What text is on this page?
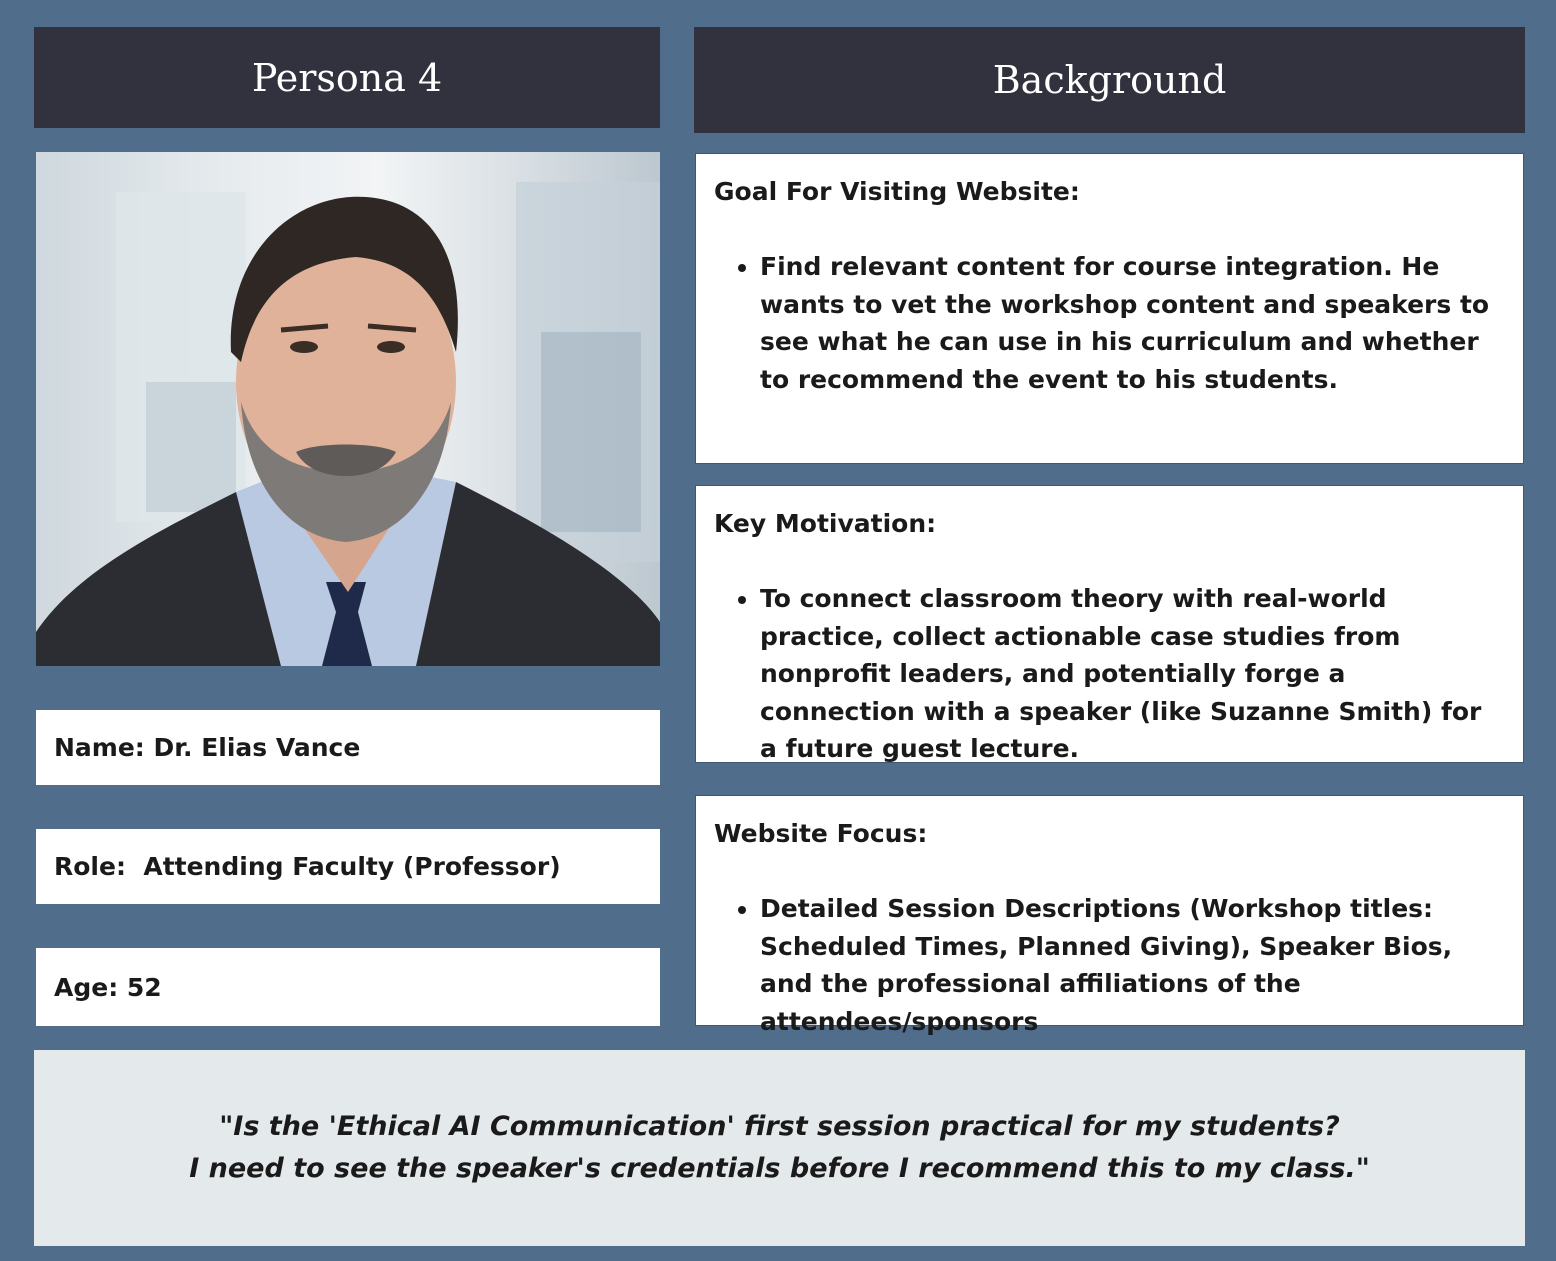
Persona 4	Background
Name: Dr. Elias Vance
Role:  Attending Faculty (Professor)
Age: 52

Goal For Visiting Website:

• Find relevant content for course integration. He wants to vet the workshop content and speakers to see what he can use in his curriculum and whether to recommend the event to his students.

Key Motivation:

• To connect classroom theory with real-world practice, collect actionable case studies from nonprofit leaders, and potentially forge a connection with a speaker (like Suzanne Smith) for a future guest lecture.

Website Focus:

• Detailed Session Descriptions (Workshop titles: Scheduled Times, Planned Giving), Speaker Bios, and the professional affiliations of the attendees/sponsors
"Is the 'Ethical AI Communication' first session practical for my students?
I need to see the speaker's credentials before I recommend this to my class."
